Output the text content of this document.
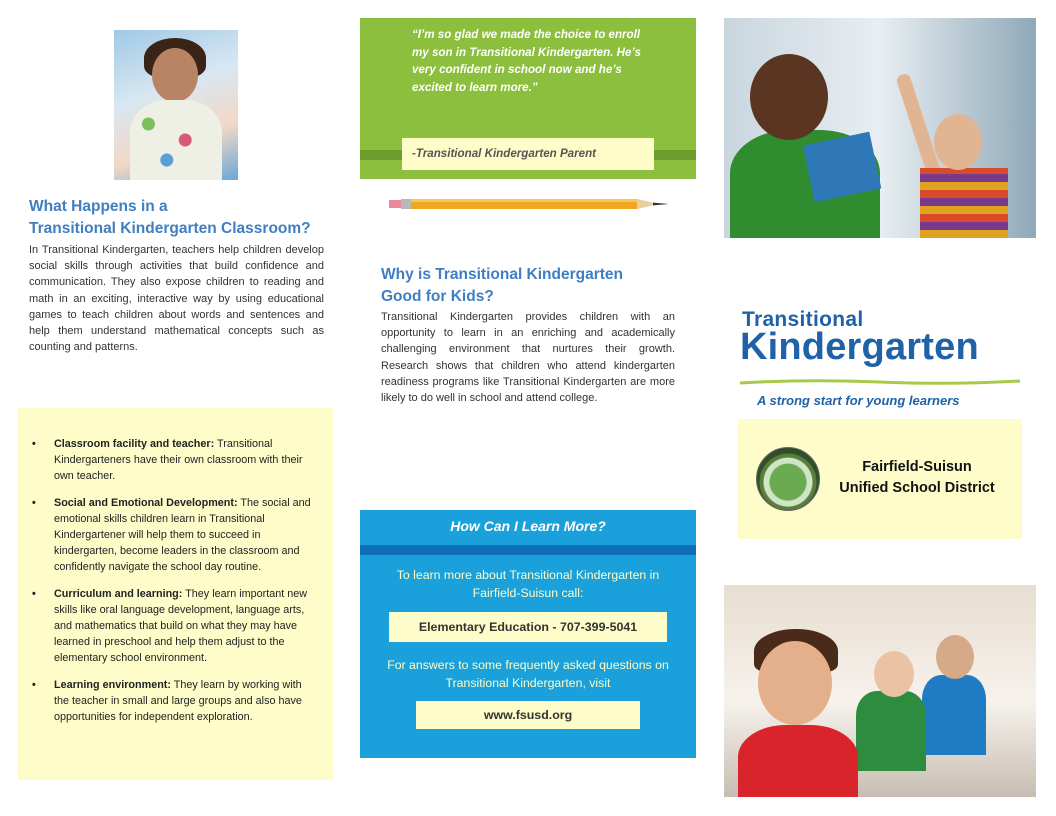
What Happens in a
Transitional Kindergarten Classroom?
In Transitional Kindergarten, teachers help children develop social skills through activities that build confidence and communication. They also expose children to reading and math in an exciting, interactive way by using educational games to teach children about words and sentences and help them understand mathematical concepts such as counting and patterns.
• Classroom facility and teacher: Transitional Kindergarteners have their own classroom with their own teacher.
• Social and Emotional Development: The social and emotional skills children learn in Transitional Kindergartener will help them to succeed in kindergarten, become leaders in the classroom and confidently navigate the school day routine.
• Curriculum and learning: They learn important new skills like oral language development, language arts, and mathematics that build on what they may have learned in preschool and help them adjust to the elementary school environment.
• Learning environment: They learn by working with the teacher in small and large groups and also have opportunities for independent exploration.
“I’m so glad we made the choice to enroll my son in Transitional Kindergarten. He’s very confident in school now and he’s excited to learn more.”
-Transitional Kindergarten Parent
Why is Transitional Kindergarten
Good for Kids?
Transitional Kindergarten provides children with an opportunity to learn in an enriching and academically challenging environment that nurtures their growth. Research shows that children who attend kindergarten readiness programs like Transitional Kindergarten are more likely to do well in school and attend college.
How Can I Learn More?
To learn more about Transitional Kindergarten in Fairfield-Suisun call:
Elementary Education - 707-399-5041
For answers to some frequently asked questions on Transitional Kindergarten, visit
www.fsusd.org
Transitional
Kindergarten
A strong start for young learners
Fairfield-Suisun
Unified School District
